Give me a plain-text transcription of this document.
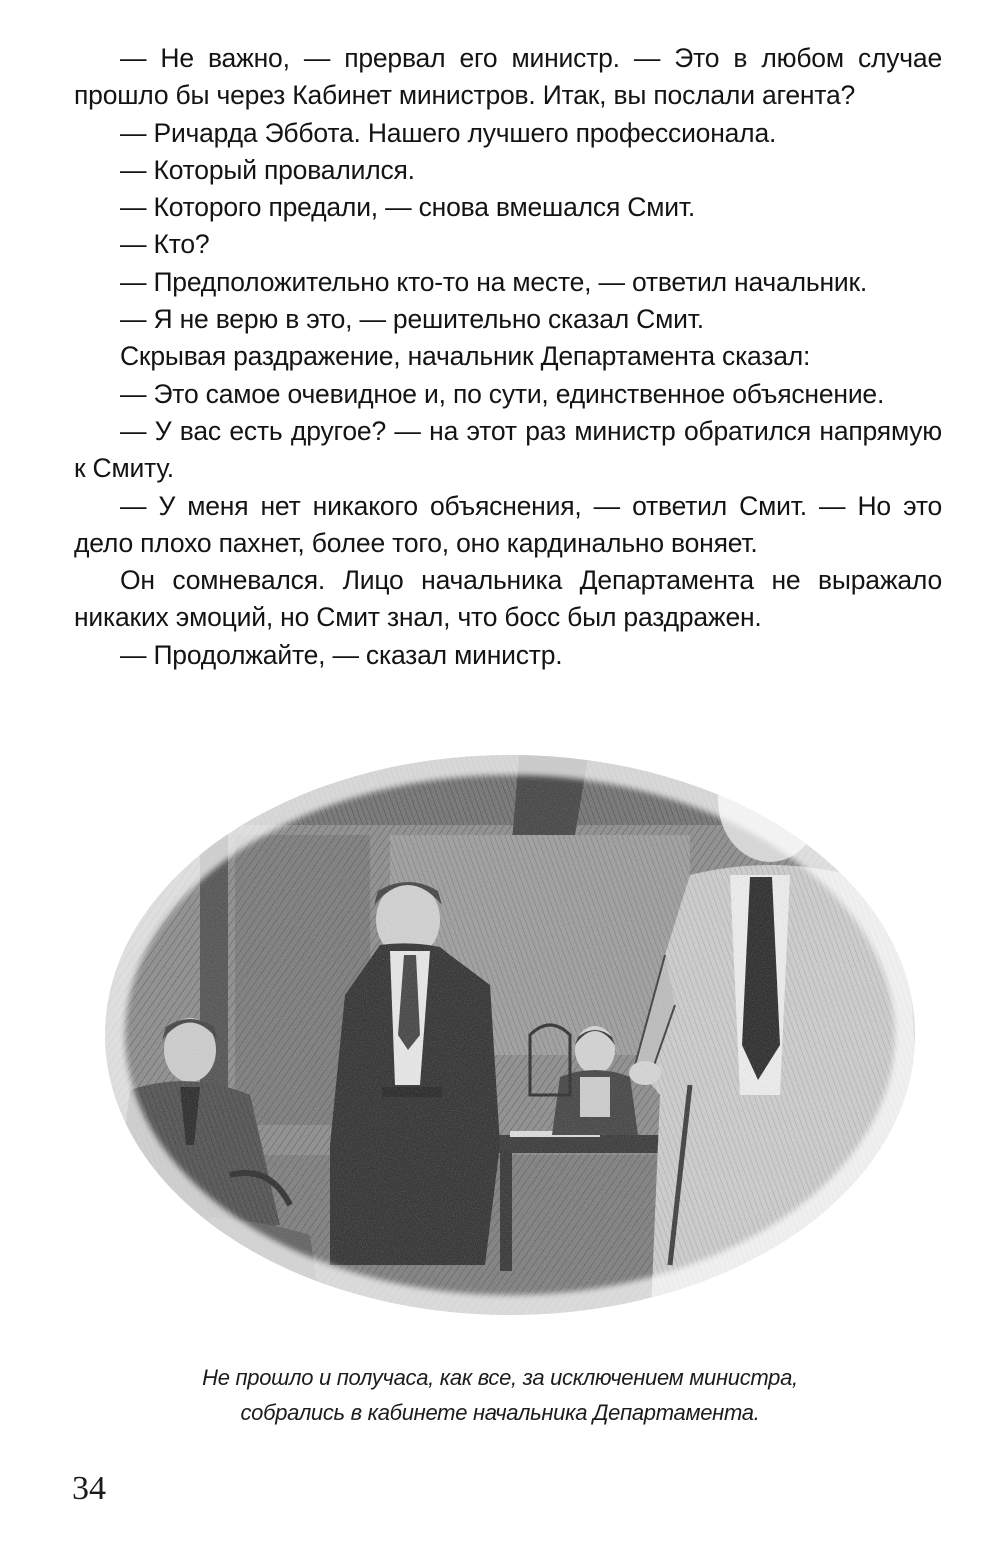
— Не важно, — прервал его министр. — Это в любом случае прошло бы через Кабинет министров. Итак, вы послали агента?

— Ричарда Эббота. Нашего лучшего профессионала.

— Который провалился.

— Которого предали, — снова вмешался Смит.

— Кто?

— Предположительно кто-то на месте, — ответил начальник.

— Я не верю в это, — решительно сказал Смит.

Скрывая раздражение, начальник Департамента сказал:

— Это самое очевидное и, по сути, единственное объяснение.

— У вас есть другое? — на этот раз министр обратился напрямую к Смиту.

— У меня нет никакого объяснения, — ответил Смит. — Но это дело плохо пахнет, более того, оно кардинально воняет.

Он сомневался. Лицо начальника Департамента не выражало никаких эмоций, но Смит знал, что босс был раздражен.

— Продолжайте, — сказал министр.

Не прошло и получаса, как все, за исключением министра,
собрались в кабинете начальника Департамента.
34
